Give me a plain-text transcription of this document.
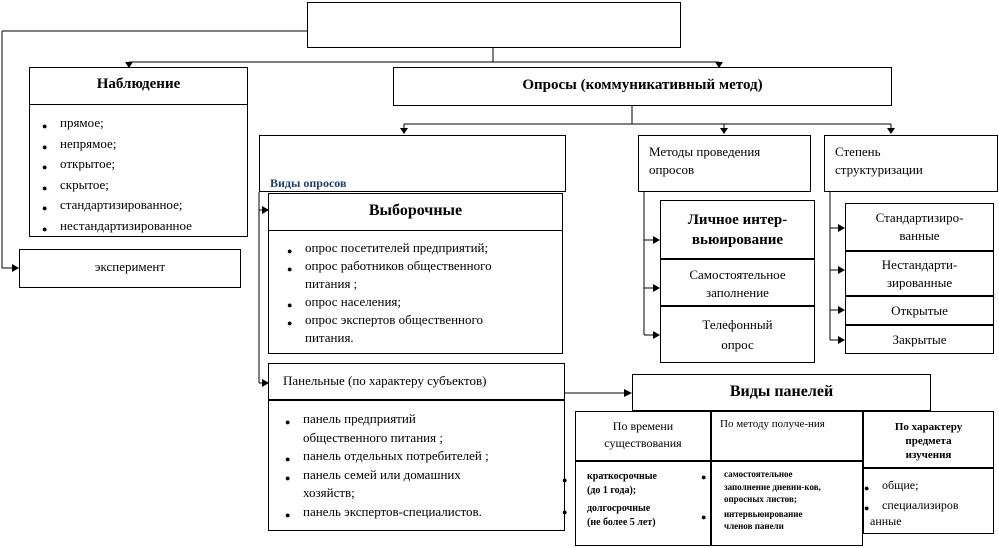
Наблюдение
● прямое;
● непрямое;
● открытое;
● скрытое;
● стандартизированное;
● нестандартизированное
эксперимент
Опросы (коммуникативный метод)
Виды опросов
Выборочные
● опрос посетителей предприятий;
● опрос работников общественного
питания ;
● опрос населения;
● опрос экспертов общественного
питания.
Методы проведения
опросов
Личное интер-
вьюирование
Самостоятельное
заполнение
Телефонный
опрос
Степень
структуризации
Стандартизиро-
ванные
Нестандарти-
зированные
Открытые
Закрытые
Панельные (по характеру субъектов)
● панель предприятий
общественного питания ;
● панель отдельных потребителей ;
● панель семей или домашних
хозяйств;
● панель экспертов-специалистов.
Виды панелей
По времени
существования
● краткосрочные
(до 1 года);
● долгосрочные
(не более 5 лет)
По методу получе-ния
● самостоятельное
заполнение дневни-ков,
опросных листов;
● интервьюирование
членов панели
По характеру
предмета
изучения
● общие;
● специализиров
анные
